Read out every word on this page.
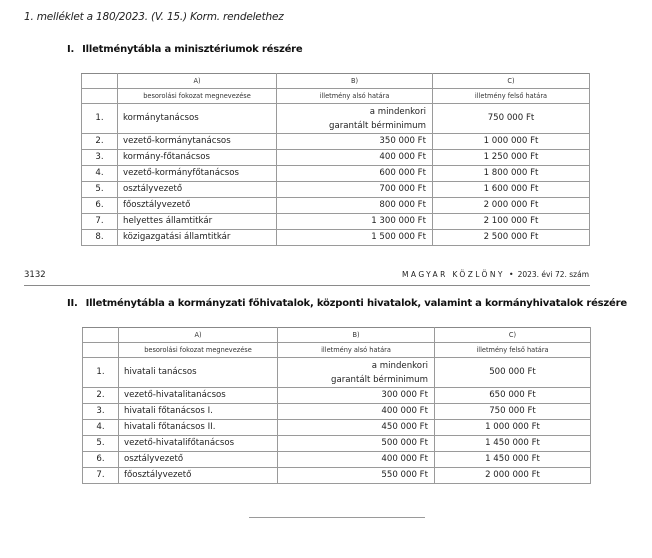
1. melléklet a 180/2023. (V. 15.) Korm. rendelethez
I. Illetménytábla a minisztériumok részére
	A)	B)	C)
	besorolási fokozat megnevezése	illetmény alsó határa	illetmény felső határa
1.	kormánytanácsos	a mindenkori
garantált bérminimum	750 000 Ft
2.	vezető-kormánytanácsos	350 000 Ft	1 000 000 Ft
3.	kormány-főtanácsos	400 000 Ft	1 250 000 Ft
4.	vezető-kormányfőtanácsos	600 000 Ft	1 800 000 Ft
5.	osztályvezető	700 000 Ft	1 600 000 Ft
6.	főosztályvezető	800 000 Ft	2 000 000 Ft
7.	helyettes államtitkár	1 300 000 Ft	2 100 000 Ft
8.	közigazgatási államtitkár	1 500 000 Ft	2 500 000 Ft
3132	MAGYAR KÖZLÖNY • 2023. évi 72. szám
II. Illetménytábla a kormányzati főhivatalok, központi hivatalok, valamint a kormányhivatalok részére
	A)	B)	C)
	besorolási fokozat megnevezése	illetmény alsó határa	illetmény felső határa
1.	hivatali tanácsos	a mindenkori
garantált bérminimum	500 000 Ft
2.	vezető-hivatalitanácsos	300 000 Ft	650 000 Ft
3.	hivatali főtanácsos I.	400 000 Ft	750 000 Ft
4.	hivatali főtanácsos II.	450 000 Ft	1 000 000 Ft
5.	vezető-hivatalifőtanácsos	500 000 Ft	1 450 000 Ft
6.	osztályvezető	400 000 Ft	1 450 000 Ft
7.	főosztályvezető	550 000 Ft	2 000 000 Ft
